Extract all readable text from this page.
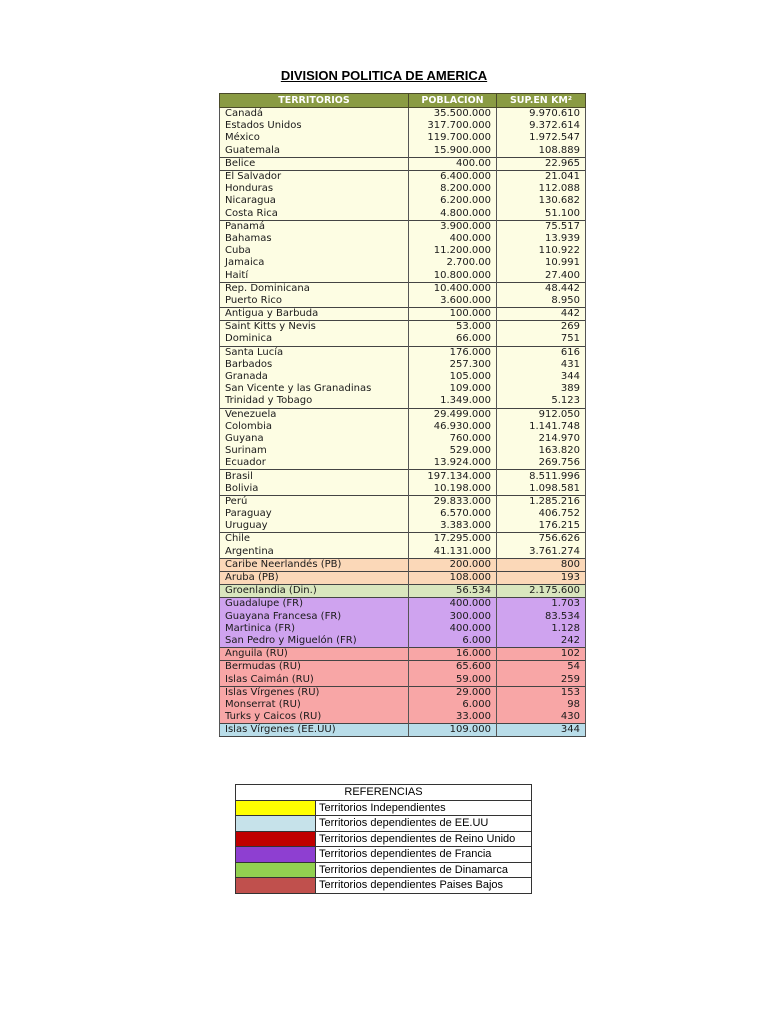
DIVISION POLITICA DE AMERICA
TERRITORIOS	POBLACION	SUP.EN KM²
Canadá	35.500.000	9.970.610
Estados Unidos	317.700.000	9.372.614
México	119.700.000	1.972.547
Guatemala	15.900.000	108.889
Belice	400.00	22.965
El Salvador	6.400.000	21.041
Honduras	8.200.000	112.088
Nicaragua	6.200.000	130.682
Costa Rica	4.800.000	51.100
Panamá	3.900.000	75.517
Bahamas	400.000	13.939
Cuba	11.200.000	110.922
Jamaica	2.700.00	10.991
Haití	10.800.000	27.400
Rep. Dominicana	10.400.000	48.442
Puerto Rico	3.600.000	8.950
Antigua y Barbuda	100.000	442
Saint Kitts y Nevis	53.000	269
Dominica	66.000	751
Santa Lucía	176.000	616
Barbados	257.300	431
Granada	105.000	344
San Vicente y las Granadinas	109.000	389
Trinidad y Tobago	1.349.000	5.123
Venezuela	29.499.000	912.050
Colombia	46.930.000	1.141.748
Guyana	760.000	214.970
Surinam	529.000	163.820
Ecuador	13.924.000	269.756
Brasil	197.134.000	8.511.996
Bolivia	10.198.000	1.098.581
Perú	29.833.000	1.285.216
Paraguay	6.570.000	406.752
Uruguay	3.383.000	176.215
Chile	17.295.000	756.626
Argentina	41.131.000	3.761.274
Caribe Neerlandés (PB)	200.000	800
Aruba (PB)	108.000	193
Groenlandia (Din.)	56.534	2.175.600
Guadalupe (FR)	400.000	1.703
Guayana Francesa (FR)	300.000	83.534
Martinica (FR)	400.000	1.128
San Pedro y Miguelón (FR)	6.000	242
Anguila (RU)	16.000	102
Bermudas (RU)	65.600	54
Islas Caimán (RU)	59.000	259
Islas Vírgenes (RU)	29.000	153
Monserrat (RU)	6.000	98
Turks y Caicos (RU)	33.000	430
Islas Vírgenes (EE.UU)	109.000	344
REFERENCIAS	
	Territorios Independientes
	Territorios dependientes de EE.UU
	Territorios dependientes de Reino Unido
	Territorios dependientes de Francia
	Territorios dependientes de Dinamarca
	Territorios dependientes Paises Bajos
